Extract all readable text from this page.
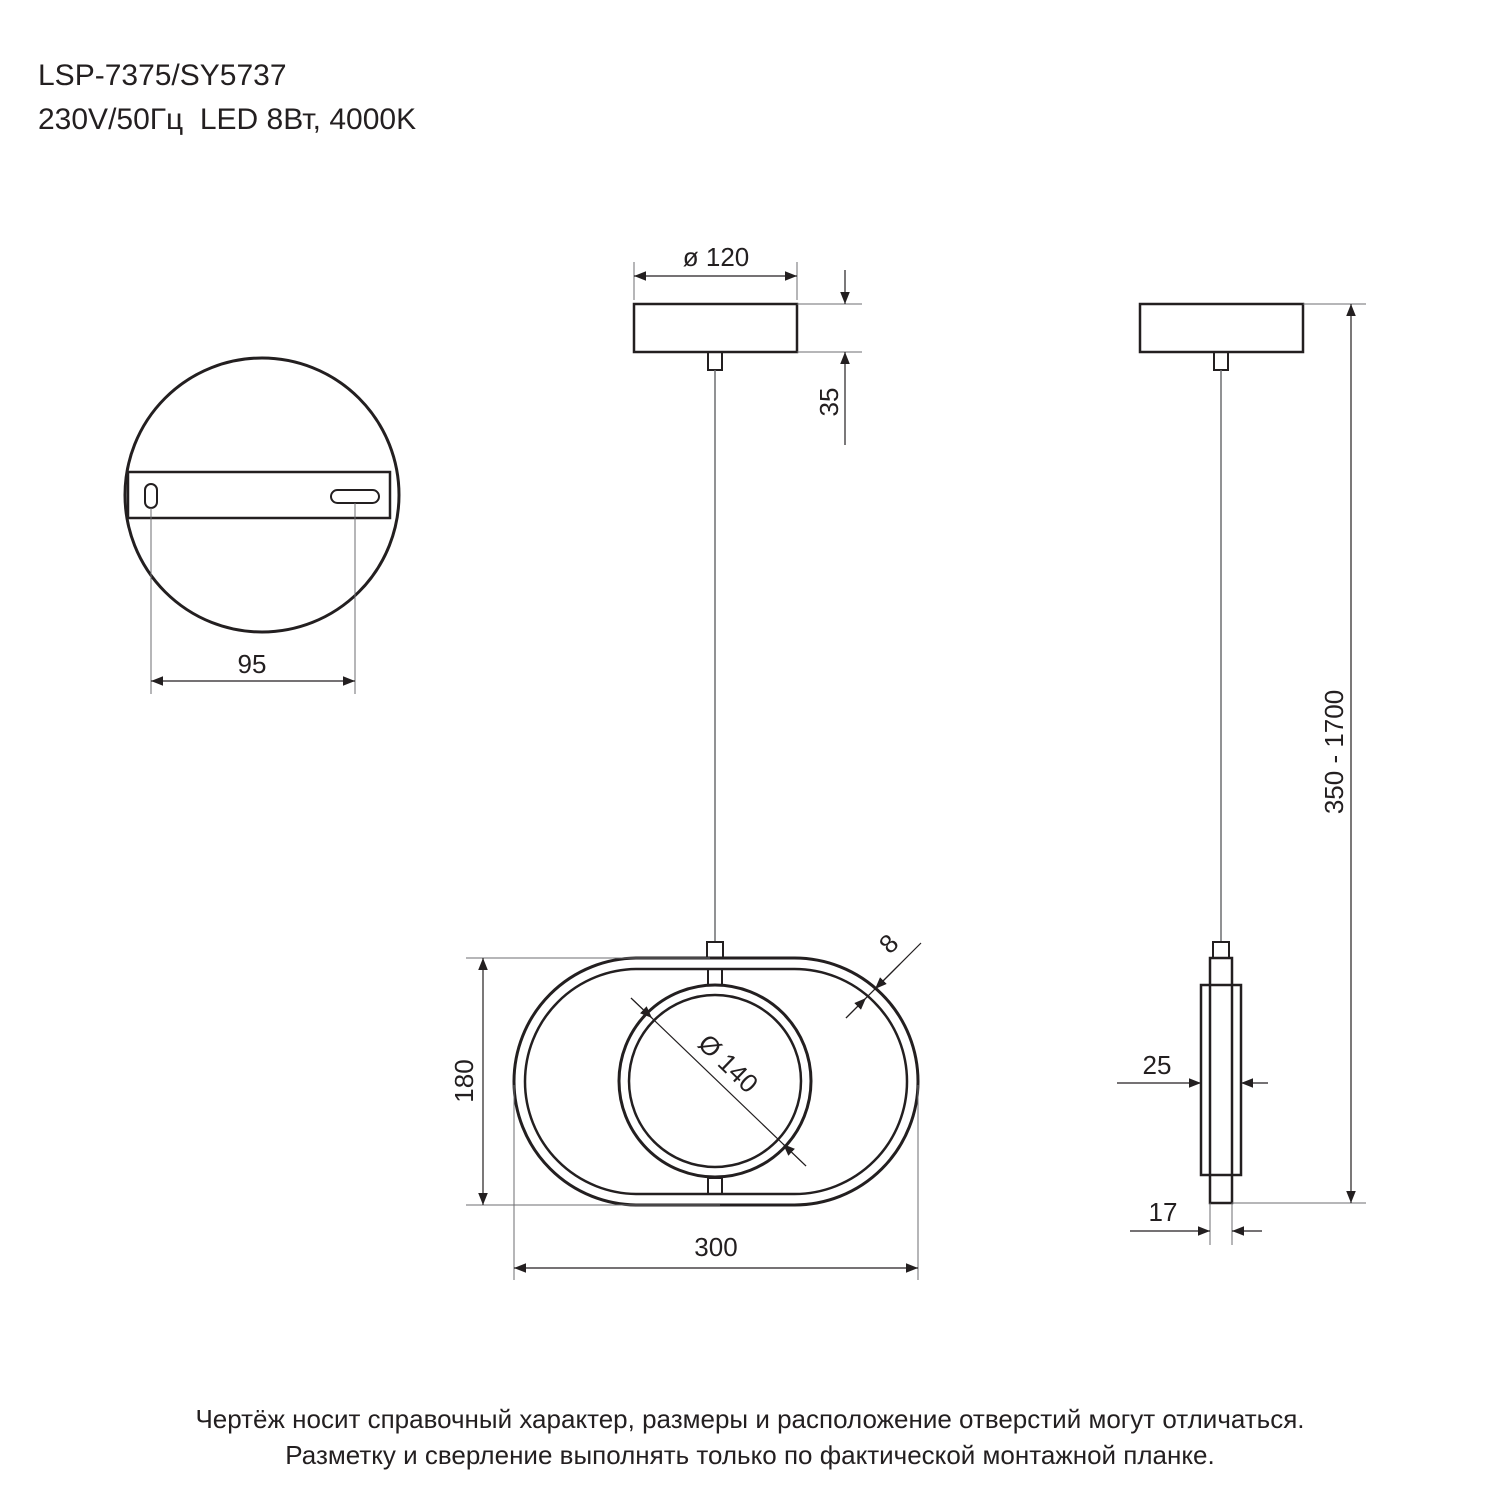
LSP-7375/SY5737
230V/50Гц  LED 8Вт, 4000K
95
ø 120
35
180
300
Ø 140
8
350 - 1700
25
17
Чертёж носит справочный характер, размеры и расположение отверстий могут отличаться.
Разметку и сверление выполнять только по фактической монтажной планке.
